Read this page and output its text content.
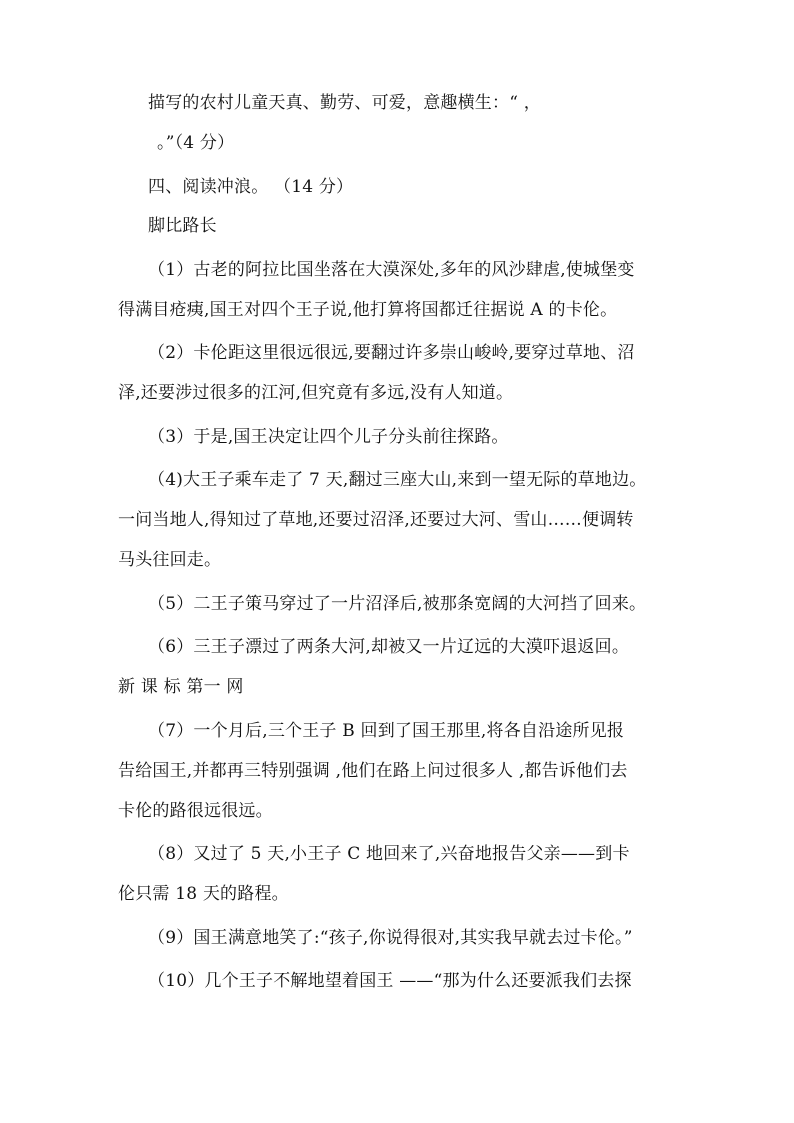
描写的农村儿童天真、勤劳、可爱，意趣横生：“ ，
。”（4 分）
四、阅读冲浪。 （14 分）
脚比路长
（1）古老的阿拉比国坐落在大漠深处,多年的风沙肆虐,使城堡变
得满目疮痍,国王对四个王子说,他打算将国都迁往据说 A 的卡伦。
（2）卡伦距这里很远很远,要翻过许多崇山峻岭,要穿过草地、沼
泽,还要涉过很多的江河,但究竟有多远,没有人知道。
（3）于是,国王决定让四个儿子分头前往探路。
（4)大王子乘车走了 7 天,翻过三座大山,来到一望无际的草地边。
一问当地人,得知过了草地,还要过沼泽,还要过大河、雪山……便调转
马头往回走。
（5）二王子策马穿过了一片沼泽后,被那条宽阔的大河挡了回来。
（6）三王子漂过了两条大河,却被又一片辽远的大漠吓退返回。
新 课 标 第一 网
（7）一个月后,三个王子 B 回到了国王那里,将各自沿途所见报
告给国王,并都再三特别强调 ,他们在路上问过很多人 ,都告诉他们去
卡伦的路很远很远。
（8）又过了 5 天,小王子 C 地回来了,兴奋地报告父亲——到卡
伦只需 18 天的路程。
（9）国王满意地笑了:“孩子,你说得很对,其实我早就去过卡伦。”
（10）几个王子不解地望着国王 ——“那为什么还要派我们去探
